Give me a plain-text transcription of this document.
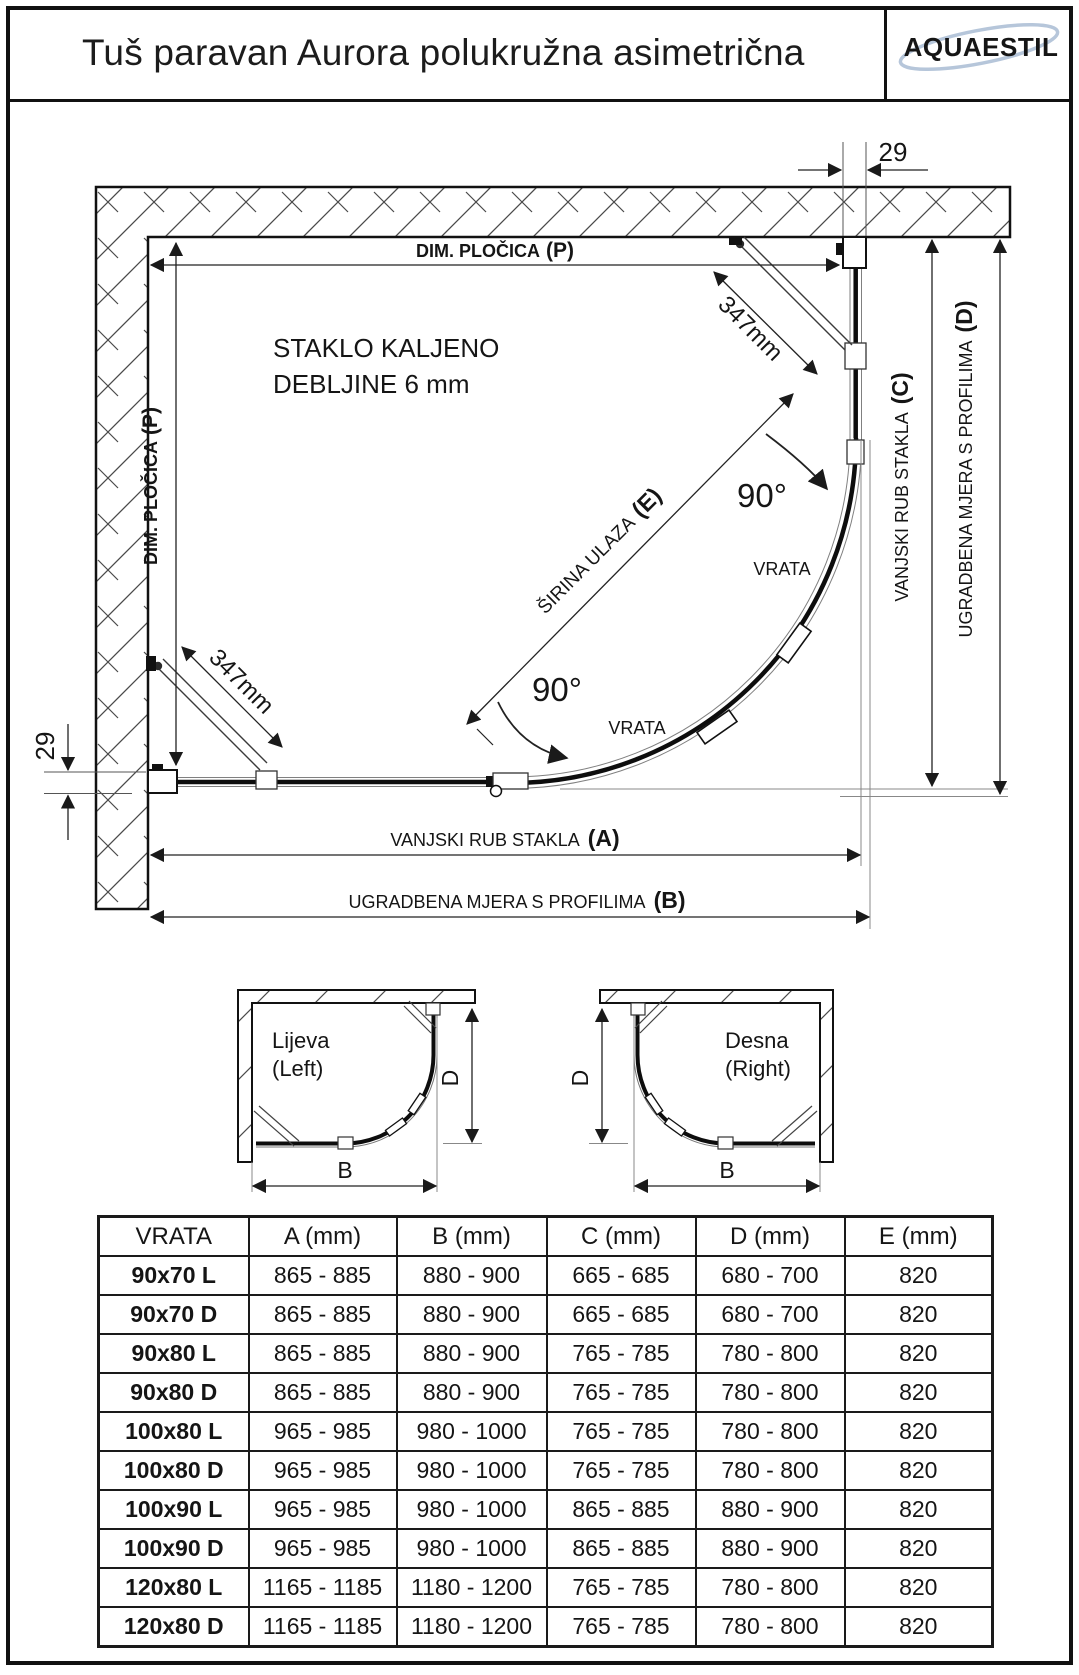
Tuš paravan Aurora polukružna asimetrična	AQUAESTIL
STAKLO KALJENO
DEBLJINE 6 mm
DIM. PLOČICA (P)
DIM. PLOČICA(P)
29
29
347mm
347mm
ŠIRINA ULAZA(E) 90°
90°
VRATA
VRATA
VANJSKI RUB STAKLA(C) UGRADBENA MJERA S PROFILIMA(D)
VANJSKI RUB STAKLA (A)
UGRADBENA MJERA S PROFILIMA (B)
Lijeva
(Left)	D
B
Desna
(Right)
D
B
VRATA	A (mm)	B (mm)	C (mm)	D (mm)	E (mm)
90x70 L	865 - 885	880 - 900	665 - 685	680 - 700	820
90x70 D	865 - 885	880 - 900	665 - 685	680 - 700	820
90x80 L	865 - 885	880 - 900	765 - 785	780 - 800	820
90x80 D	865 - 885	880 - 900	765 - 785	780 - 800	820
100x80 L	965 - 985	980 - 1000	765 - 785	780 - 800	820
100x80 D	965 - 985	980 - 1000	765 - 785	780 - 800	820
100x90 L	965 - 985	980 - 1000	865 - 885	880 - 900	820
100x90 D	965 - 985	980 - 1000	865 - 885	880 - 900	820
120x80 L	1165 - 1185	1180 - 1200	765 - 785	780 - 800	820
120x80 D	1165 - 1185	1180 - 1200	765 - 785	780 - 800	820
